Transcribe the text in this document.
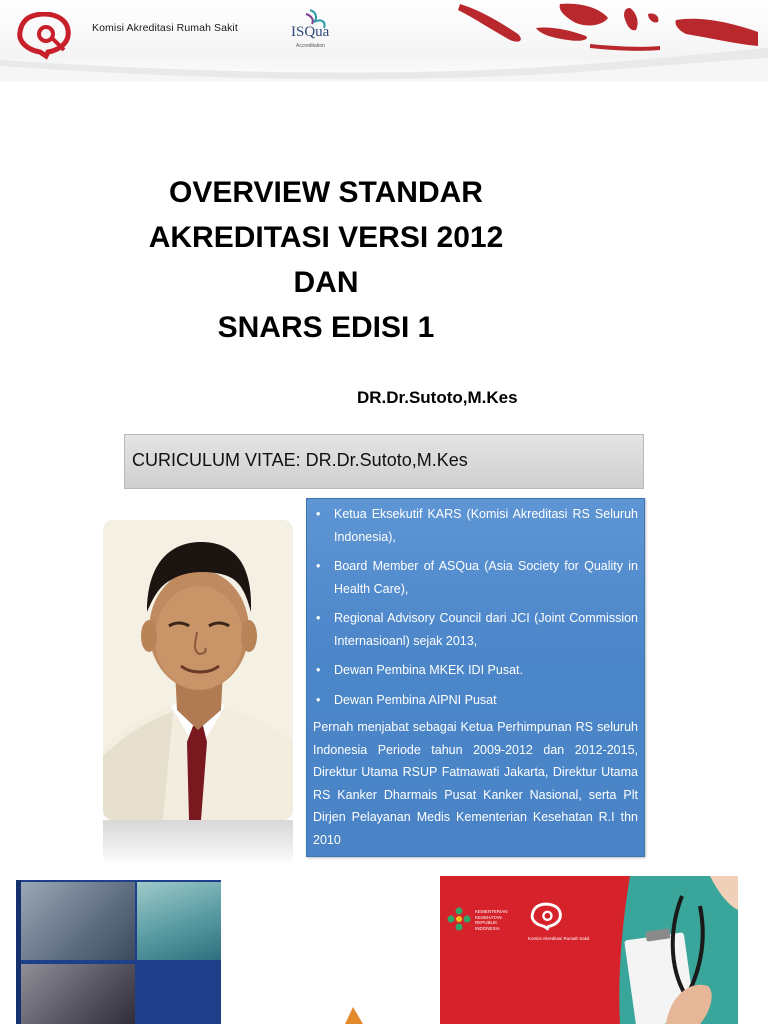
Komisi Akreditasi Rumah Sakit	ISQua
Accreditation
OVERVIEW STANDAR
AKREDITASI VERSI 2012
DAN
SNARS EDISI 1
DR.Dr.Sutoto,M.Kes
CURICULUM VITAE: DR.Dr.Sutoto,M.Kes
• Ketua Eksekutif KARS (Komisi Akreditasi RS Seluruh Indonesia),
• Board Member of ASQua (Asia Society for Quality in Health Care),
• Regional Advisory Council dari JCI (Joint Commission Internasioanl) sejak 2013,
• Dewan Pembina MKEK IDI Pusat.
• Dewan Pembina AIPNI Pusat

Pernah menjabat sebagai Ketua Perhimpunan RS seluruh Indonesia Periode tahun 2009-2012 dan 2012-2015, Direktur Utama RSUP Fatmawati Jakarta, Direktur Utama RS Kanker Dharmais Pusat Kanker Nasional, serta Plt Dirjen Pelayanan Medis Kementerian Kesehatan R.I thn 2010

STANDAR
AKREDITASI
RUMAH
SAKIT
KEMENTERIAN
KESEHATAN
REPUBLIK
INDONESIA
Komisi Akreditasi Rumah Sakit
